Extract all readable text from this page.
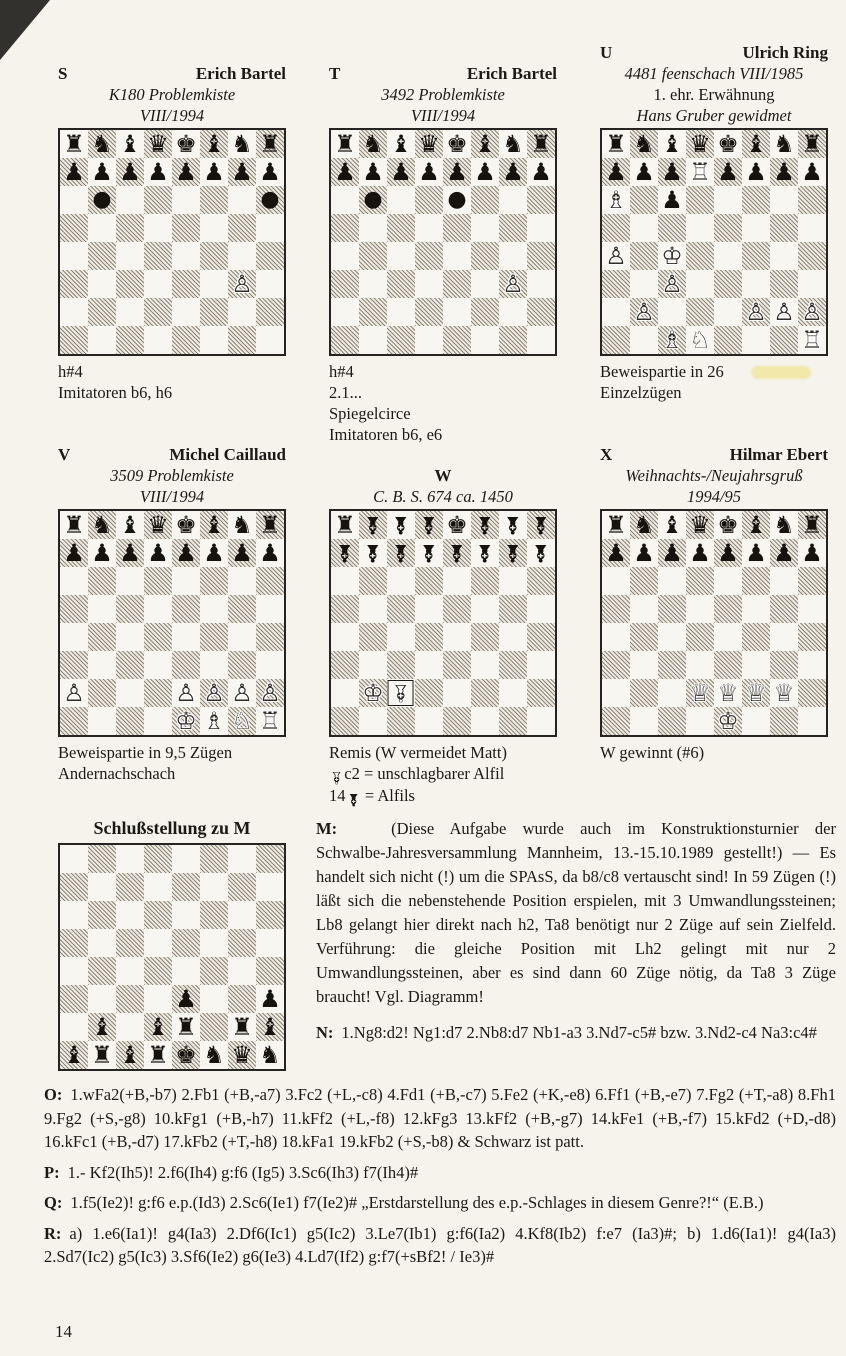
S	Erich Bartel
K180 Problemkiste
VIII/1994
♜ ♞ ♝ ♛ ♚ ♝ ♞ ♜
♟ ♟ ♟ ♟ ♟ ♟ ♟ ♟
●	●
♙
h#4
Imitatoren b6, h6
T	Erich Bartel
3492 Problemkiste
VIII/1994
♜ ♞ ♝ ♛ ♚ ♝ ♞ ♜
♟ ♟ ♟ ♟ ♟ ♟ ♟ ♟
●	●
♙
h#4
2.1...
Spiegelcirce
Imitatoren b6, e6
U	Ulrich Ring
4481 feenschach VIII/1985
1. ehr. Erwähnung
Hans Gruber gewidmet
♜ ♞ ♝ ♛ ♚ ♝ ♞ ♜
♟ ♟ ♟ ♖ ♟ ♟ ♟ ♟
♗ ♟
♙ ♔
♙
♙	♙ ♙ ♙
♗ ♘	♖
Beweispartie in 26
Einzelzügen
V	Michel Caillaud
3509 Problemkiste
VIII/1994
♜ ♞ ♝ ♛ ♚ ♝ ♞ ♜
♟ ♟ ♟ ♟ ♟ ♟ ♟ ♟
♙	♙ ♙ ♙ ♙
♔ ♗ ♘ ♖
Beweispartie in 9,5 Zügen
Andernachschach
W
C. B. S. 674 ca. 1450
♜ ♝ ♝ ♝ ♚ ♝ ♝ ♝
♝ ♝ ♝ ♝ ♝ ♝ ♝ ♝
♔ ♗
Remis (W vermeidet Matt)
♗c2 = unschlagbarer Alfil
14♝ = Alfils
X	Hilmar Ebert
Weihnachts-/Neujahrsgruß
1994/95
♜ ♞ ♝ ♛ ♚ ♝ ♞ ♜
♟ ♟ ♟ ♟ ♟ ♟ ♟ ♟
♕ ♕ ♕ ♕
♔
W gewinnt (#6)
Schlußstellung zu M
♟	♟
♝ ♝ ♜ ♜ ♝
♝ ♜ ♝ ♜ ♚ ♞ ♛ ♞

M:	(Diese Aufgabe wurde auch im Konstruktionsturnier der Schwalbe-Jahresversammlung Mannheim, 13.-15.10.1989 gestellt!) — Es handelt sich nicht (!) um die SPAsS, da b8/c8 vertauscht sind! In 59 Zügen (!) läßt sich die nebenstehende Position erspielen, mit 3 Umwandlungssteinen; Lb8 gelangt hier direkt nach h2, Ta8 benötigt nur 2 Züge auf sein Zielfeld. Verführung: die gleiche Position mit Lh2 gelingt mit nur 2 Umwandlungssteinen, aber es sind dann 60 Züge nötig, da Ta8 3 Züge braucht! Vgl. Diagramm!

N: 1.Ng8:d2! Ng1:d7 2.Nb8:d7 Nb1-a3 3.Nd7-c5# bzw. 3.Nd2-c4 Na3:c4#

O: 1.wFa2(+B,-b7) 2.Fb1 (+B,-a7) 3.Fc2 (+L,-c8) 4.Fd1 (+B,-c7) 5.Fe2 (+K,-e8) 6.Ff1 (+B,-e7) 7.Fg2 (+T,-a8) 8.Fh1 9.Fg2 (+S,-g8) 10.kFg1 (+B,-h7) 11.kFf2 (+L,-f8) 12.kFg3 13.kFf2 (+B,-g7) 14.kFe1 (+B,-f7) 15.kFd2 (+D,-d8) 16.kFc1 (+B,-d7) 17.kFb2 (+T,-h8) 18.kFa1 19.kFb2 (+S,-b8) & Schwarz ist patt.

P: 1.- Kf2(Ih5)! 2.f6(Ih4) g:f6 (Ig5) 3.Sc6(Ih3) f7(Ih4)#

Q: 1.f5(Ie2)! g:f6 e.p.(Id3) 2.Sc6(Ie1) f7(Ie2)# „Erstdarstellung des e.p.-Schlages in diesem Genre?!“ (E.B.)

R: a) 1.e6(Ia1)! g4(Ia3) 2.Df6(Ic1) g5(Ic2) 3.Le7(Ib1) g:f6(Ia2) 4.Kf8(Ib2) f:e7 (Ia3)#; b) 1.d6(Ia1)! g4(Ia3) 2.Sd7(Ic2) g5(Ic3) 3.Sf6(Ie2) g6(Ie3) 4.Ld7(If2) g:f7(+sBf2! / Ie3)#

14
